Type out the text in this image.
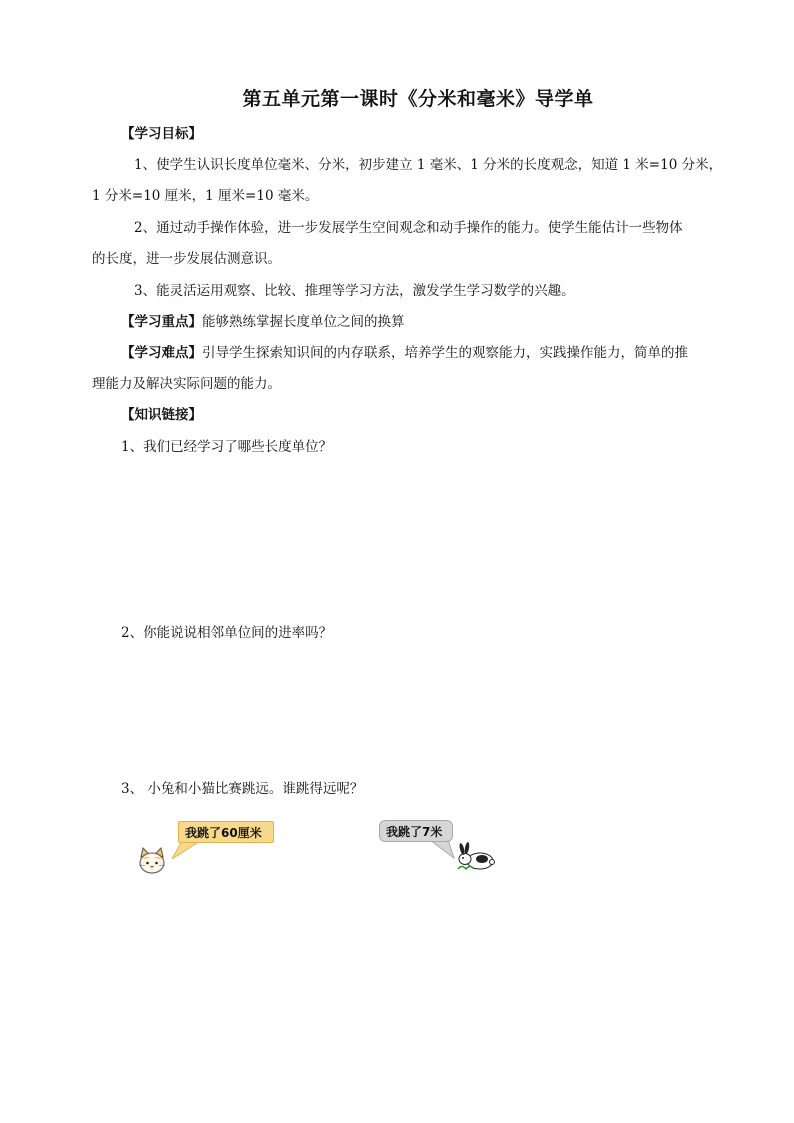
第五单元第一课时《分米和毫米》导学单
【学习目标】
1、使学生认识长度单位毫米、分米，初步建立 1 毫米、1 分米的长度观念，知道 1 米=10 分米，
1 分米=10 厘米，1 厘米=10 毫米。
2、通过动手操作体验，进一步发展学生空间观念和动手操作的能力。使学生能估计一些物体
的长度，进一步发展估测意识。
3、能灵活运用观察、比较、推理等学习方法，激发学生学习数学的兴趣。
【学习重点】能够熟练掌握长度单位之间的换算
【学习难点】引导学生探索知识间的内存联系，培养学生的观察能力，实践操作能力，简单的推
理能力及解决实际问题的能力。
【知识链接】
1、我们已经学习了哪些长度单位？
2、你能说说相邻单位间的进率吗？
3、 小兔和小猫比赛跳远。谁跳得远呢？
我跳了60厘米	我跳了7米
